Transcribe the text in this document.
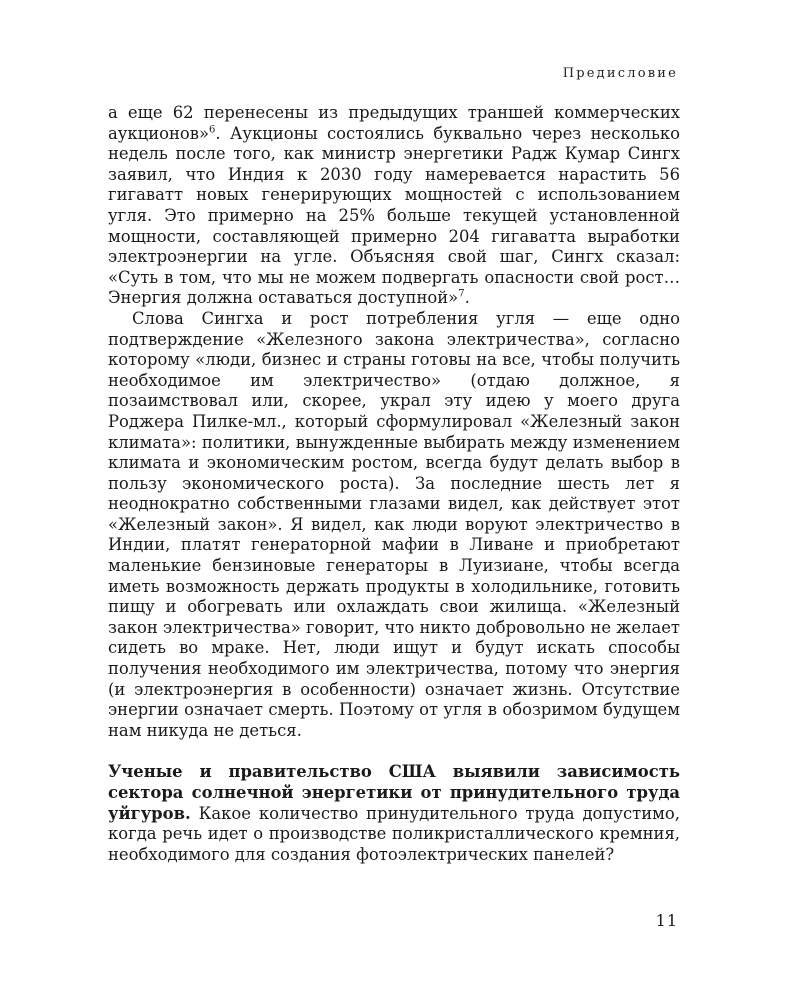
Предисловие

а еще 62 перенесены из предыдущих траншей коммерческих аукционов»$^6$. Аукционы состоялись буквально через несколько недель после того, как министр энергетики Радж Кумар Сингх заявил, что Индия к 2030 году намеревается нарастить 56 гигаватт новых генерирующих мощностей с использованием угля. Это примерно на 25% больше текущей установленной мощности, составляющей примерно 204 гигаватта выработки электроэнергии на угле. Объясняя свой шаг, Сингх сказал: «Суть в том, что мы не можем подвергать опасности свой рост… Энергия должна оставаться доступной»$^7$.

Слова Сингха и рост потребления угля — еще одно подтверждение «Железного закона электричества», согласно которому «люди, бизнес и страны готовы на все, чтобы получить необходимое им электричество» (отдаю должное, я позаимствовал или, скорее, украл эту идею у моего друга Роджера Пилке-мл., который сформулировал «Железный закон климата»: политики, вынужденные выбирать между изменением климата и экономическим ростом, всегда будут делать выбор в пользу экономического роста). За последние шесть лет я неоднократно собственными глазами видел, как действует этот «Железный закон». Я видел, как люди воруют электричество в Индии, платят генераторной мафии в Ливане и приобретают маленькие бензиновые генераторы в Луизиане, чтобы всегда иметь возможность держать продукты в холодильнике, готовить пищу и обогревать или охлаждать свои жилища. «Железный закон электричества» говорит, что никто добровольно не желает сидеть во мраке. Нет, люди ищут и будут искать способы получения необходимого им электричества, потому что энергия (и электроэнергия в особенности) означает жизнь. Отсутствие энергии означает смерть. Поэтому от угля в обозримом будущем нам никуда не деться.

Ученые и правительство США выявили зависимость сектора солнечной энергетики от принудительного труда уйгуров. Какое количество принудительного труда допустимо, когда речь идет о производстве поликристаллического кремния, необходимого для создания фотоэлектрических панелей?

11
